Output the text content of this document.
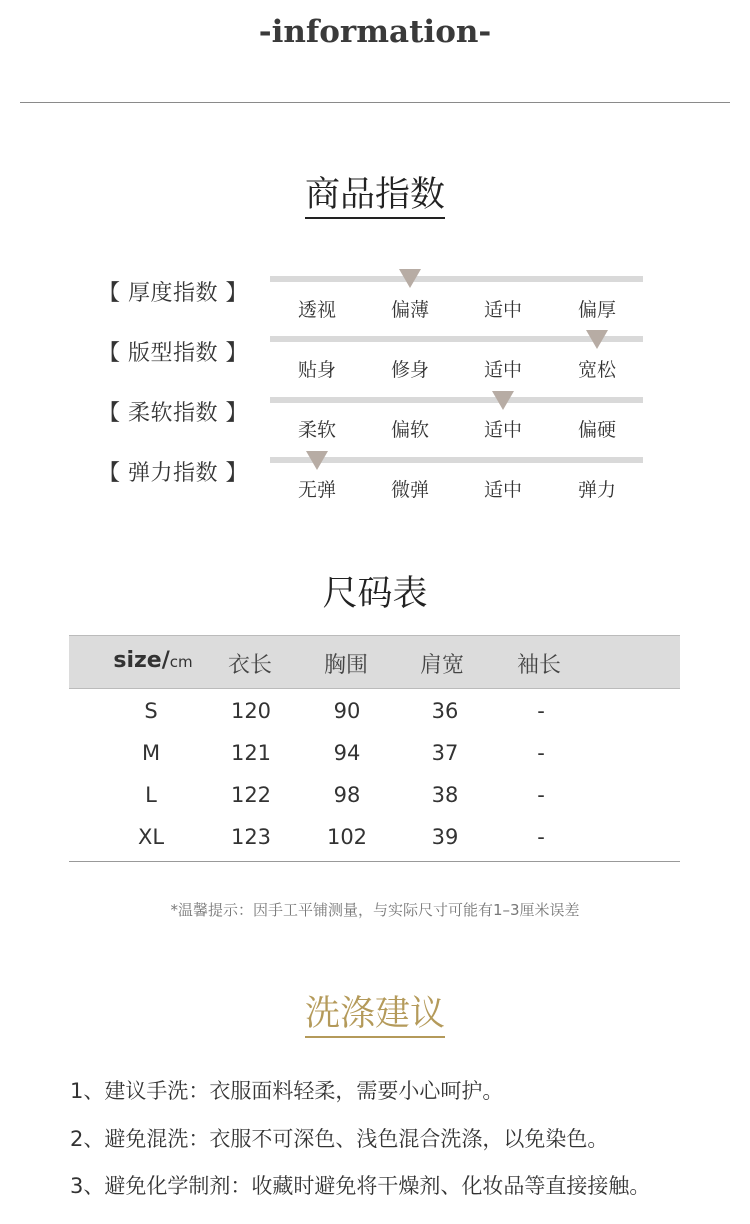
-information-
商品指数
【 厚度指数 】
透视	偏薄	适中	偏厚
【 版型指数 】
贴身	修身	适中	宽松
【 柔软指数 】
柔软	偏软	适中	偏硬
【 弹力指数 】
无弹	微弹	适中	弹力
尺码表
size/cm	衣长	胸围	肩宽	袖长
S	120	90	36	-
M	121	94	37	-
L	122	98	38	-
XL	123	102	39	-
*温馨提示：因手工平铺测量，与实际尺寸可能有1–3厘米误差
洗涤建议
1、建议手洗：衣服面料轻柔，需要小心呵护。
2、避免混洗：衣服不可深色、浅色混合洗涤，以免染色。
3、避免化学制剂：收藏时避免将干燥剂、化妆品等直接接触。
